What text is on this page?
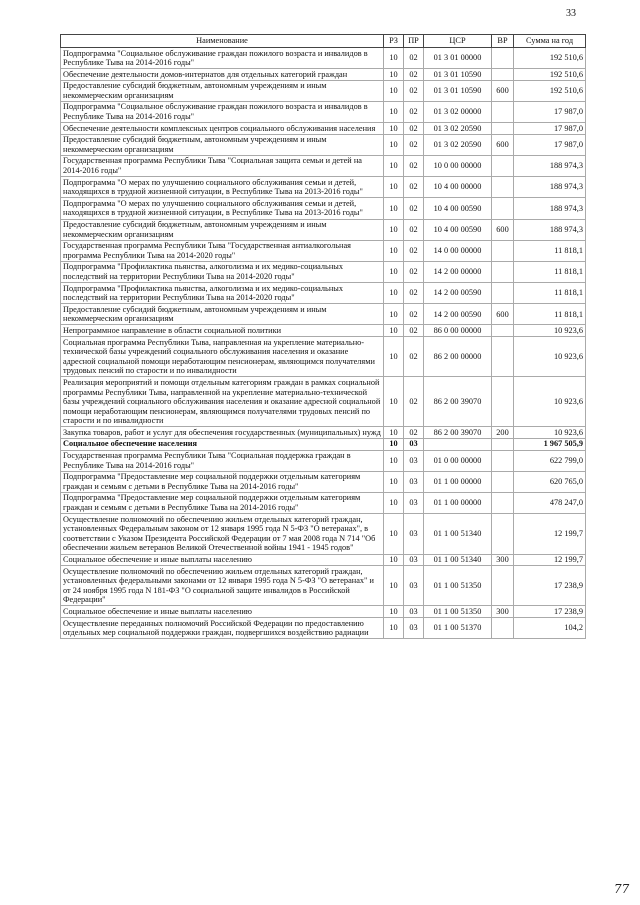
33
Наименование	РЗ	ПР	ЦСР	ВР	Сумма на год
Подпрограмма "Социальное обслуживание граждан пожилого возраста и инвалидов в Республике Тыва на 2014-2016 годы"	10	02	01 3 01 00000		192 510,6
Обеспечение деятельности домов-интернатов для отдельных категорий граждан	10	02	01 3 01 10590		192 510,6
Предоставление субсидий бюджетным, автономным учреждениям и иным некоммерческим организациям	10	02	01 3 01 10590	600	192 510,6
Подпрограмма "Социальное обслуживание граждан пожилого возраста и инвалидов в Республике Тыва на 2014-2016 годы"	10	02	01 3 02 00000		17 987,0
Обеспечение деятельности комплексных центров социального обслуживания населения	10	02	01 3 02 20590		17 987,0
Предоставление субсидий бюджетным, автономным учреждениям и иным некоммерческим организациям	10	02	01 3 02 20590	600	17 987,0
Государственная программа Республики Тыва "Социальная защита семьи и детей на 2014-2016 годы"	10	02	10 0 00 00000		188 974,3
Подпрограмма "О мерах по улучшению социального обслуживания семьи и детей, находящихся в трудной жизненной ситуации, в Республике Тыва на 2013-2016 годы"	10	02	10 4 00 00000		188 974,3
Подпрограмма "О мерах по улучшению социального обслуживания семьи и детей, находящихся в трудной жизненной ситуации, в Республике Тыва на 2013-2016 годы"	10	02	10 4 00 00590		188 974,3
Предоставление субсидий бюджетным, автономным учреждениям и иным некоммерческим организациям	10	02	10 4 00 00590	600	188 974,3
Государственная программа Республики Тыва "Государственная антиалкогольная программа Республики Тыва на 2014-2020 годы"	10	02	14 0 00 00000		11 818,1
Подпрограмма "Профилактика пьянства, алкоголизма и их медико-социальных последствий на территории Республики Тыва на 2014-2020 годы"	10	02	14 2 00 00000		11 818,1
Подпрограмма "Профилактика пьянства, алкоголизма и их медико-социальных последствий на территории Республики Тыва на 2014-2020 годы"	10	02	14 2 00 00590		11 818,1
Предоставление субсидий бюджетным, автономным учреждениям и иным некоммерческим организациям	10	02	14 2 00 00590	600	11 818,1
Непрограммное направление в области социальной политики	10	02	86 0 00 00000		10 923,6
Социальная программа Республики Тыва, направленная на укрепление материально-технической базы учреждений социального обслуживания населения и оказание адресной социальной помощи неработающим пенсионерам, являющимся получателями трудовых пенсий по старости и по инвалидности	10	02	86 2 00 00000		10 923,6
Реализация мероприятий и помощи отдельным категориям граждан в рамках социальной программы Республики Тыва, направленной на укрепление материально-технической базы учреждений социального обслуживания населения и оказание адресной социальной помощи неработающим пенсионерам, являющимся получателями трудовых пенсий по старости и по инвалидности	10	02	86 2 00 39070		10 923,6
Закупка товаров, работ и услуг для обеспечения государственных (муниципальных) нужд	10	02	86 2 00 39070	200	10 923,6
Социальное обеспечение населения	10	03			1 967 505,9
Государственная программа Республики Тыва "Социальная поддержка граждан в Республике Тыва на 2014-2016 годы"	10	03	01 0 00 00000		622 799,0
Подпрограмма "Предоставление мер социальной поддержки отдельным категориям граждан и семьям с детьми в Республике Тыва на 2014-2016 годы"	10	03	01 1 00 00000		620 765,0
Подпрограмма "Предоставление мер социальной поддержки отдельным категориям граждан и семьям с детьми в Республике Тыва на 2014-2016 годы"	10	03	01 1 00 00000		478 247,0
Осуществление полномочий по обеспечению жильем отдельных категорий граждан, установленных Федеральным законом от 12 января 1995 года N 5-ФЗ "О ветеранах", в соответствии с Указом Президента Российской Федерации от 7 мая 2008 года N 714 "Об обеспечении жильем ветеранов Великой Отечественной войны 1941 - 1945 годов"	10	03	01 1 00 51340		12 199,7
Социальное обеспечение и иные выплаты населению	10	03	01 1 00 51340	300	12 199,7
Осуществление полномочий по обеспечению жильем отдельных категорий граждан, установленных федеральными законами от 12 января 1995 года N 5-ФЗ "О ветеранах" и от 24 ноября 1995 года N 181-ФЗ "О социальной защите инвалидов в Российской Федерации"	10	03	01 1 00 51350		17 238,9
Социальное обеспечение и иные выплаты населению	10	03	01 1 00 51350	300	17 238,9
Осуществление переданных полномочий Российской Федерации по предоставлению отдельных мер социальной поддержки граждан, подвергшихся воздействию радиации	10	03	01 1 00 51370		104,2
77
